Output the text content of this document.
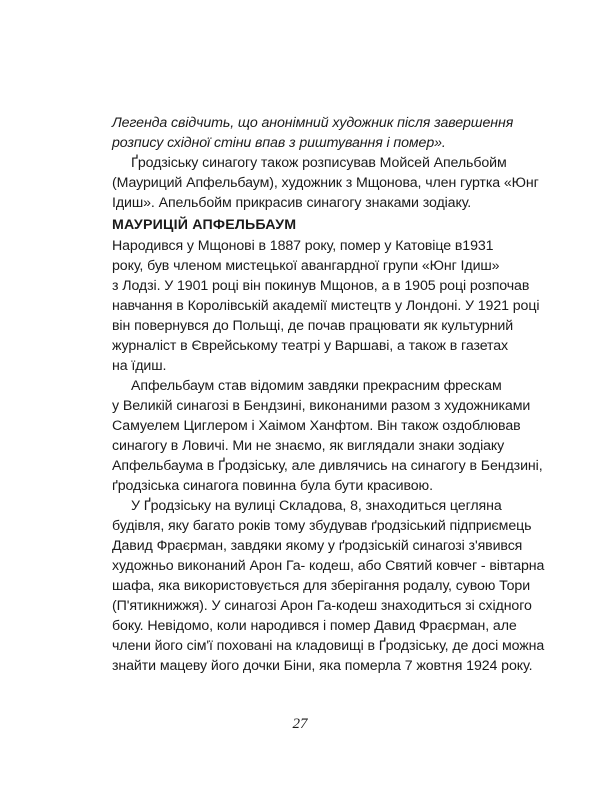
Легенда свідчить, що анонімний художник після завершення
розпису східної стіни впав з риштування і помер».
Ґродзіську синагогу також розписував Мойсей Апельбойм
(Мауриций Апфельбаум), художник з Мщонова, член гуртка «Юнг
Ідиш». Апельбойм прикрасив синагогу знаками зодіаку.
МАУРИЦІЙ АПФЕЛЬБАУМ
Народився у Мщонові в 1887 року, помер у Катовіце в1931
року, був членом мистецької авангардної групи «Юнг Ідиш»
з Лодзі. У 1901 році він покинув Мщонов, а в 1905 році розпочав
навчання в Королівській академії мистецтв у Лондоні. У 1921 році
він повернувся до Польщі, де почав працювати як культурний
журналіст в Єврейському театрі у Варшаві, а також в газетах
на їдиш.
Апфельбаум став відомим завдяки прекрасним фрескам
у Великій синагозі в Бендзині, виконаними разом з художниками
Самуелем Циглером і Хаімом Ханфтом. Він також оздоблював
синагогу в Ловичі. Ми не знаємо, як виглядали знаки зодіаку
Апфельбаума в Ґродзіську, але дивлячись на синагогу в Бендзині,
ґродзіська синагога повинна була бути красивою.
У Ґродзіську на вулиці Складова, 8, знаходиться цегляна
будівля, яку багато років тому збудував ґродзіський підприємець
Давид Фраєрман, завдяки якому у ґродзіській синагозі з'явився
художньо виконаний Арон Га- кодеш, або Святий ковчег - вівтарна
шафа, яка використовується для зберігання родалу, сувою Тори
(П'ятикнижжя). У синагозі Арон Га-кодеш знаходиться зі східного
боку. Невідомо, коли народився і помер Давид Фраєрман, але
члени його сім'ї поховані на кладовищі в Ґродзіську, де досі можна
знайти мацеву його дочки Біни, яка померла 7 жовтня 1924 року.
27
